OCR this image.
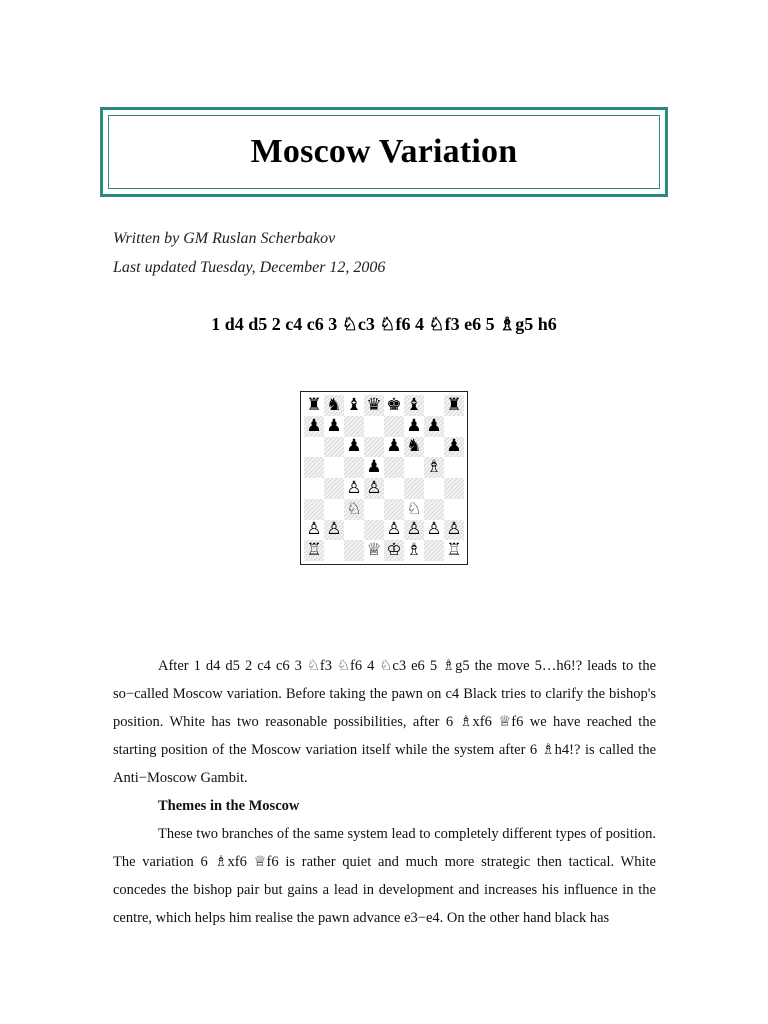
Moscow Variation
Written by GM Ruslan Scherbakov
Last updated Tuesday, December 12, 2006
1 d4 d5 2 c4 c6 3 ♘c3 ♘f6 4 ♘f3 e6 5 ♗g5 h6
♜ ♞ ♝ ♛ ♚ ♝ ♜
♟ ♟	♟ ♟
♟ ♟ ♞ ♟
♟	♗
♙ ♙
♘	♘
♙ ♙	♙ ♙ ♙ ♙
♖	♕ ♔ ♗ ♖

After 1 d4 d5 2 c4 c6 3 ♘f3 ♘f6 4 ♘c3 e6 5 ♗g5 the move 5…h6!? leads to the so−called Moscow variation. Before taking the pawn on c4 Black tries to clarify the bishop's position. White has two reasonable possibilities, after 6 ♗xf6 ♕f6 we have reached the starting position of the Moscow variation itself while the system after 6 ♗h4!? is called the Anti−Moscow Gambit.

Themes in the Moscow

These two branches of the same system lead to completely different types of position. The variation 6 ♗xf6 ♕f6 is rather quiet and much more strategic then tactical. White concedes the bishop pair but gains a lead in development and increases his influence in the centre, which helps him realise the pawn advance e3−e4. On the other hand black has
